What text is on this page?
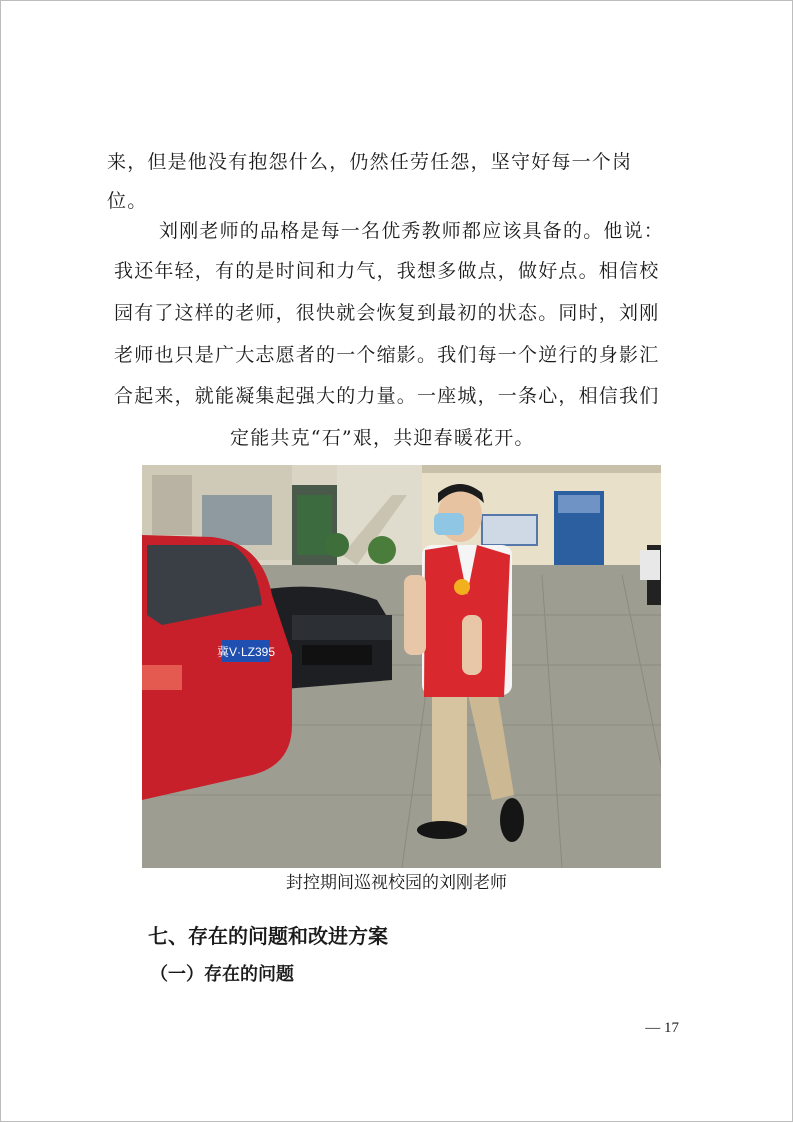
来，但是他没有抱怨什么，仍然任劳任怨，坚守好每一个岗
位。
刘刚老师的品格是每一名优秀教师都应该具备的。他说：
我还年轻，有的是时间和力气，我想多做点，做好点。相信校
园有了这样的老师，很快就会恢复到最初的状态。同时，刘刚
老师也只是广大志愿者的一个缩影。我们每一个逆行的身影汇
合起来，就能凝集起强大的力量。一座城，一条心，相信我们
定能共克“石”艰，共迎春暖花开。
冀V·LZ395
封控期间巡视校园的刘刚老师
七、存在的问题和改进方案
（一）存在的问题
— 17
